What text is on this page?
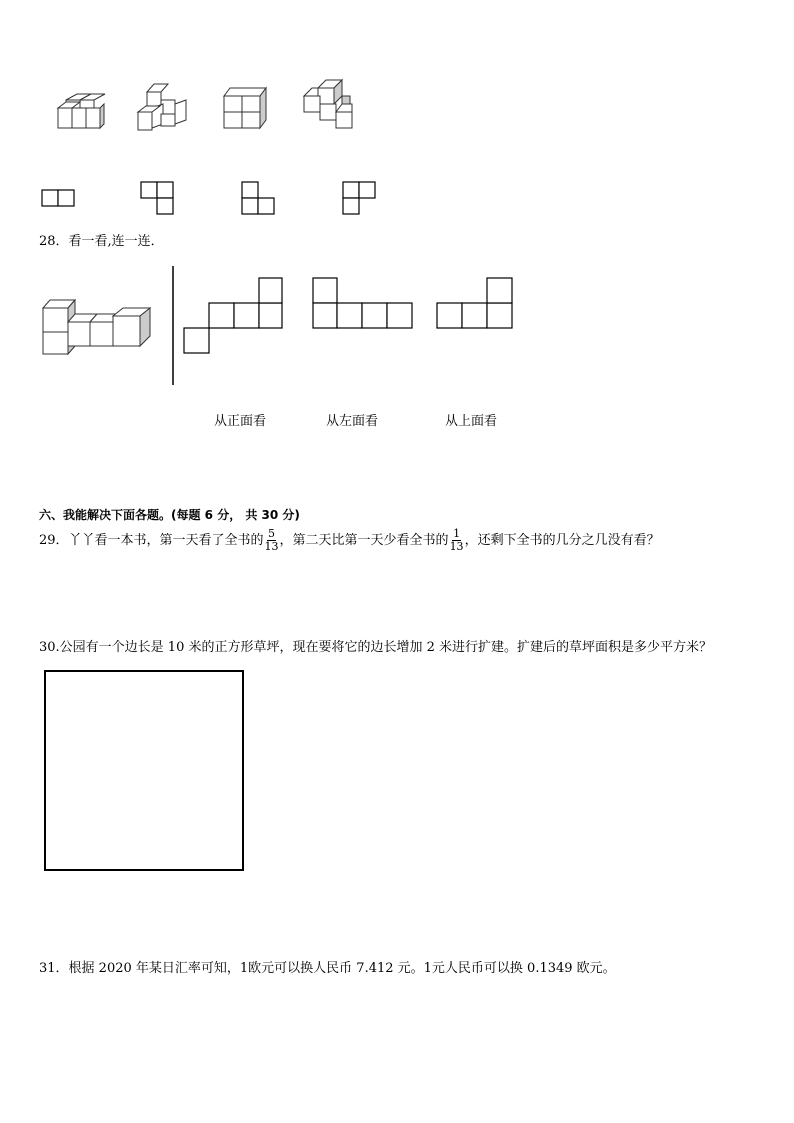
28．看一看,连一连．
从正面看	从左面看	从上面看
六、我能解决下面各题。(每题 6 分， 共 30 分)
29．丫丫看一本书，第一天看了全书的 $\frac{5}{13}$ ，第二天比第一天少看全书的 $\frac{1}{13}$ ，还剩下全书的几分之几没有看？
30.公园有一个边长是 10 米的正方形草坪，现在要将它的边长增加 2 米进行扩建。扩建后的草坪面积是多少平方米？
31．根据 2020 年某日汇率可知，1欧元可以换人民币 7.412 元。1元人民币可以换 0.1349 欧元。
